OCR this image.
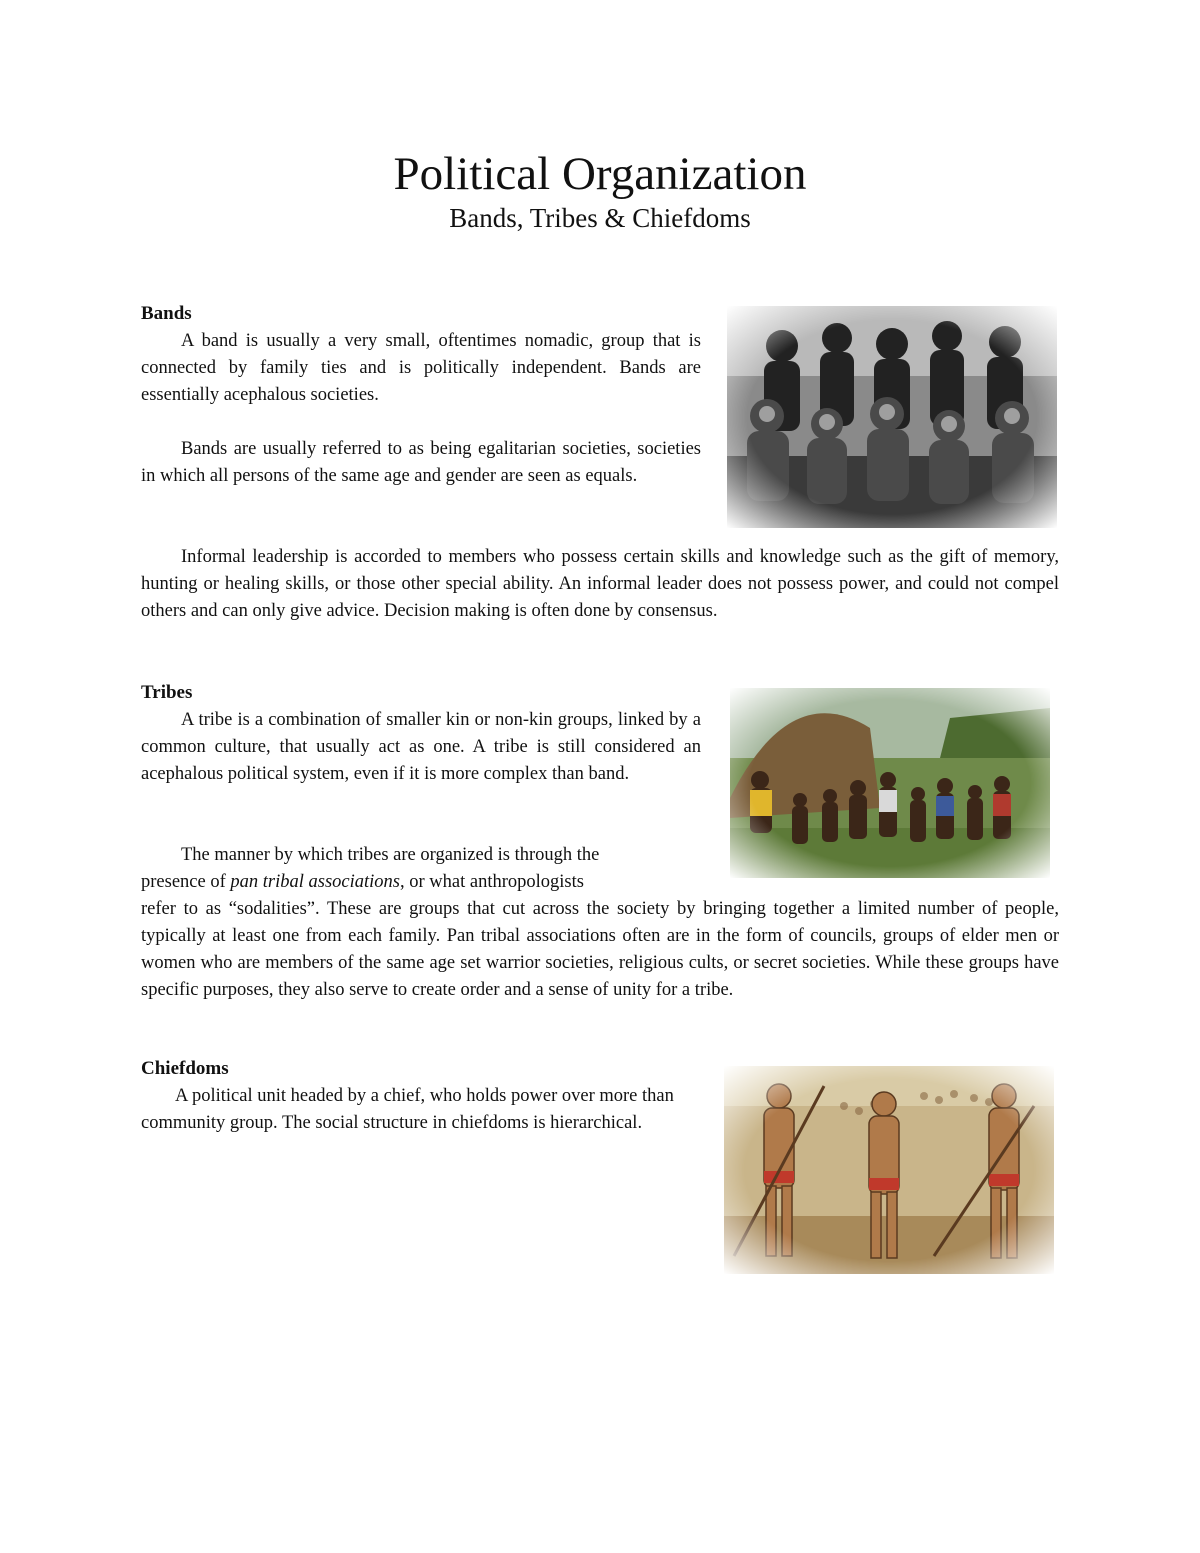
Political Organization
Bands, Tribes & Chiefdoms
Bands

A band is usually a very small, oftentimes nomadic, group that is connected by family ties and is politically independent. Bands are essentially acephalous societies.

Bands are usually referred to as being egalitarian societies, societies in which all persons of the same age and gender are seen as equals.

Informal leadership is accorded to members who possess certain skills and knowledge such as the gift of memory, hunting or healing skills, or those other special ability. An informal leader does not possess power, and could not compel others and can only give advice. Decision making is often done by consensus.

Tribes

A tribe is a combination of smaller kin or non-kin groups, linked by a common culture, that usually act as one. A tribe is still considered an acephalous political system, even if it is more complex than band.

The manner by which tribes are organized is through the
presence of pan tribal associations, or what anthropologists

refer to as “sodalities”. These are groups that cut across the society by bringing together a limited number of people, typically at least one from each family. Pan tribal associations often are in the form of councils, groups of elder men or women who are members of the same age set warrior societies, religious cults, or secret societies. While these groups have specific purposes, they also serve to create order and a sense of unity for a tribe.

Chiefdoms

A political unit headed by a chief, who holds power over more than community group. The social structure in chiefdoms is hierarchical.
